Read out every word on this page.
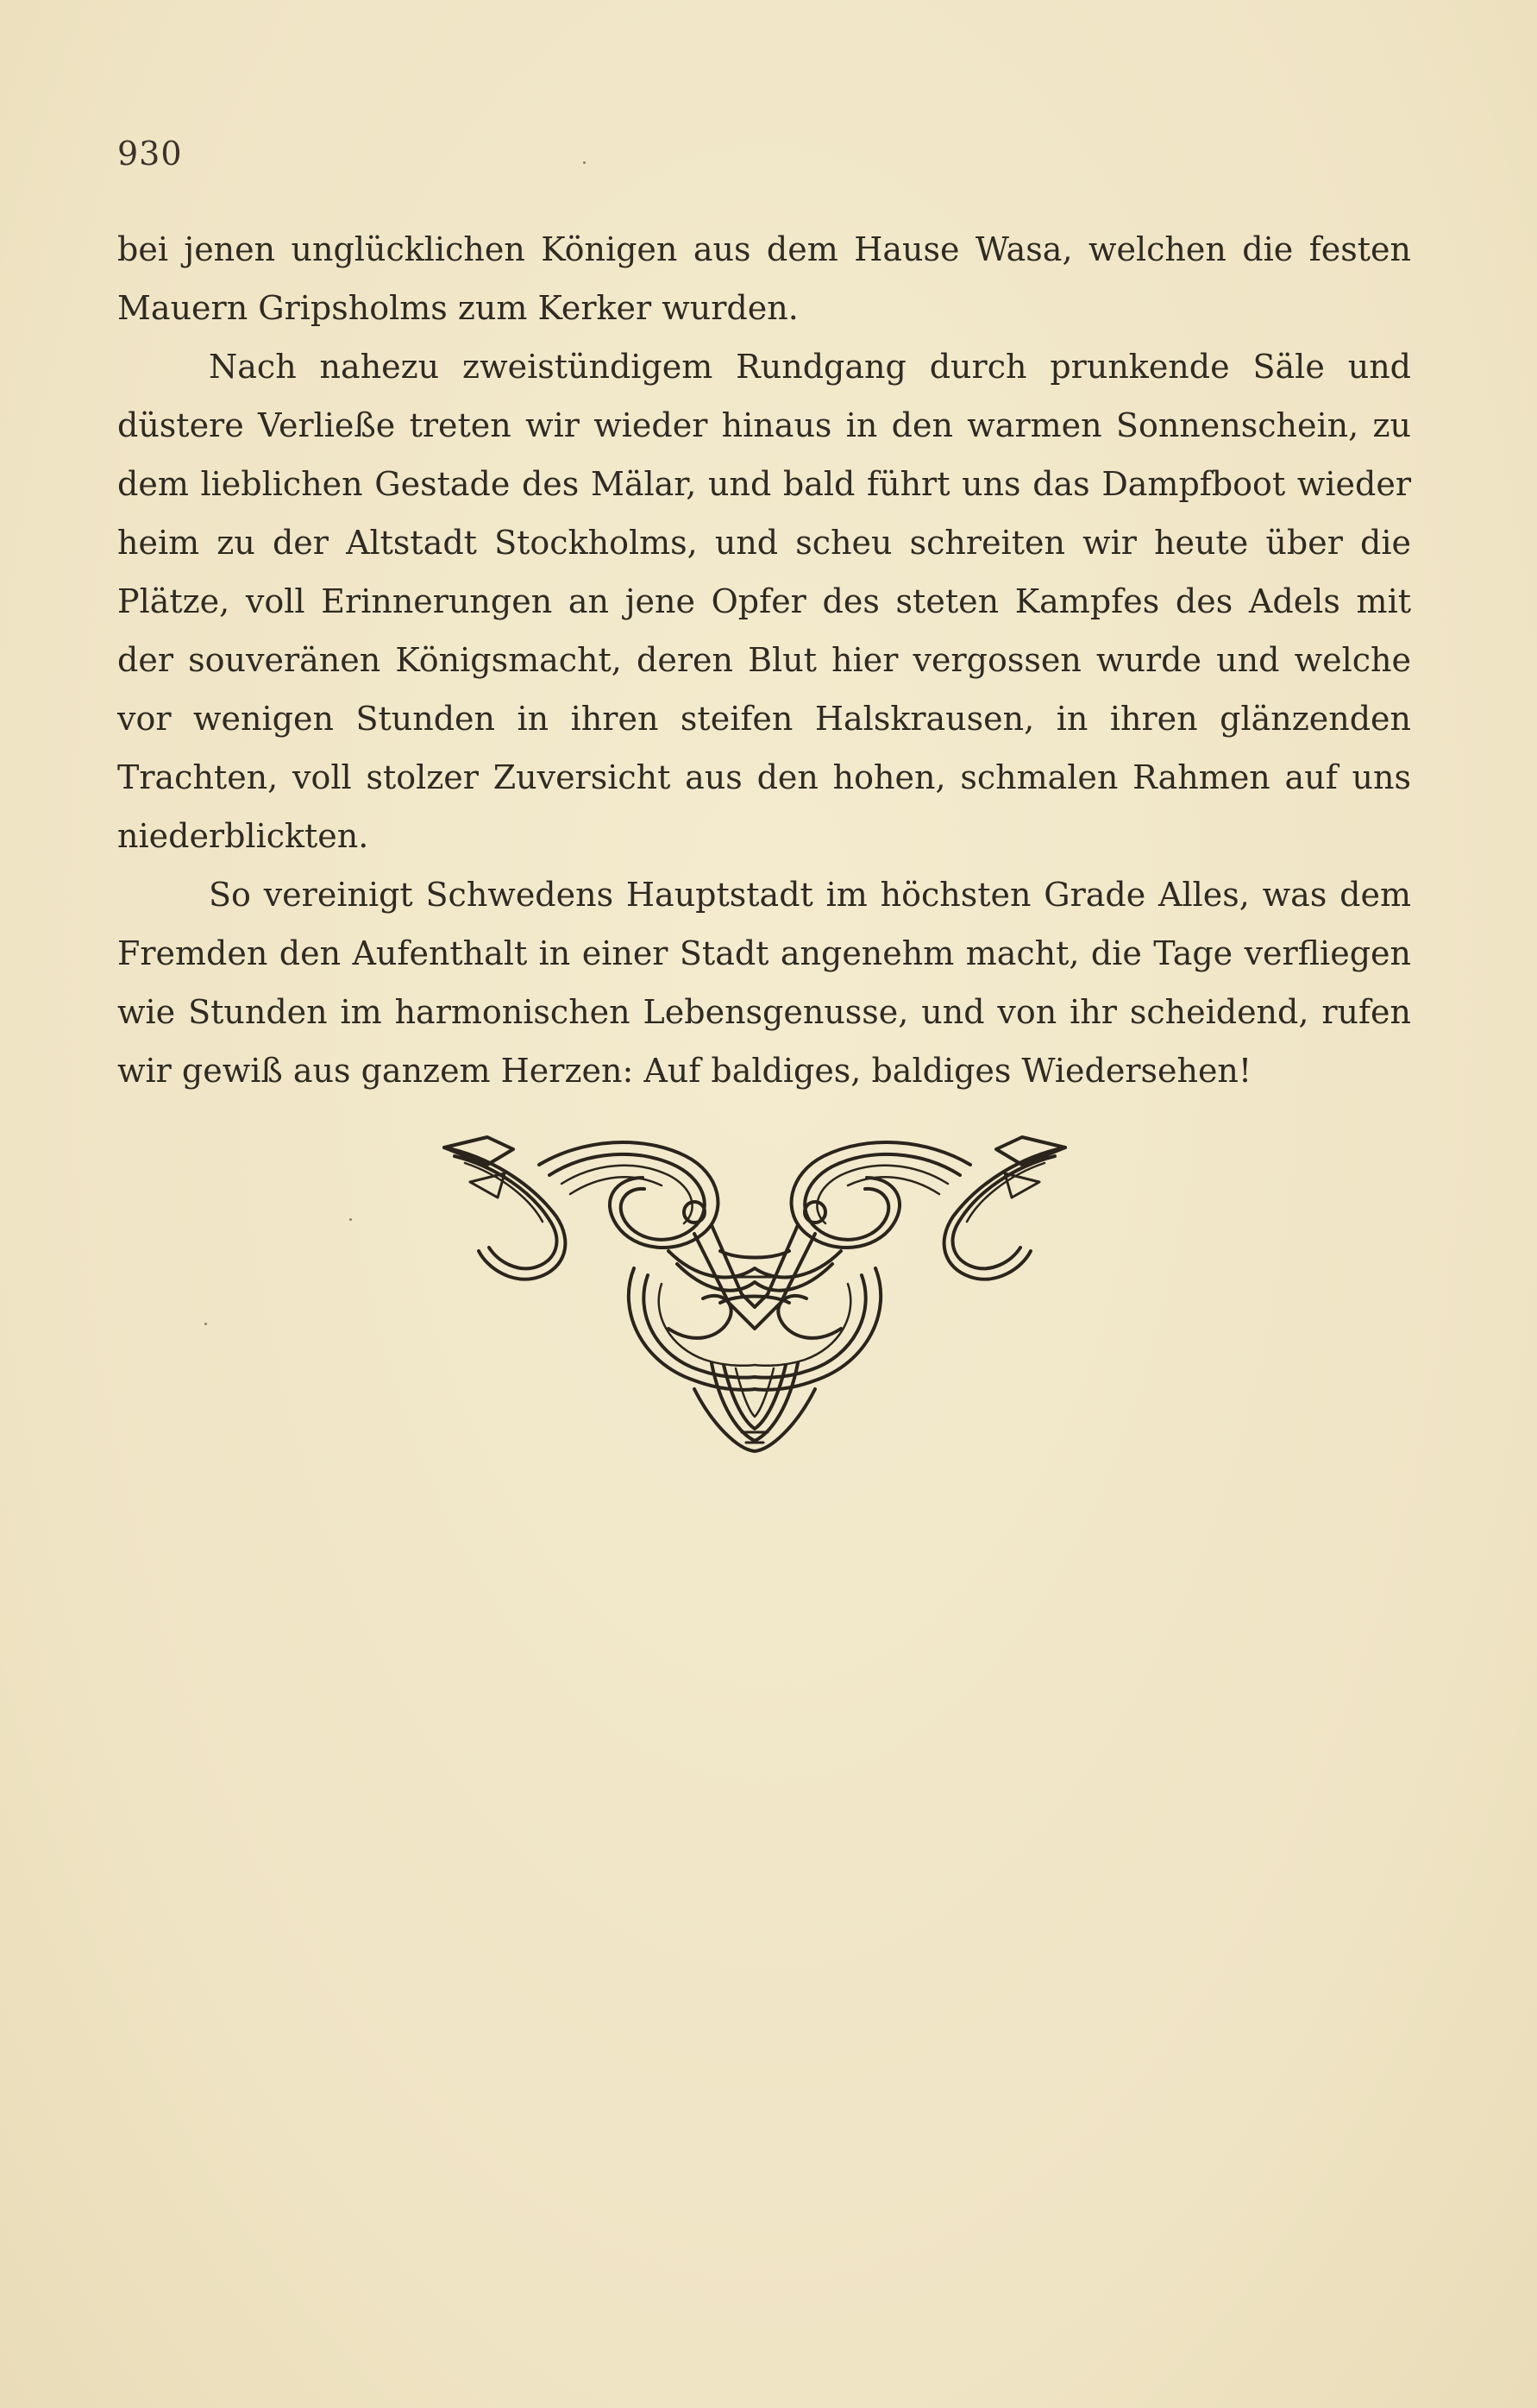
930

bei jenen unglücklichen Königen aus dem Hause Wasa, welchen die festen Mauern Gripsholms zum Kerker wurden.

Nach nahezu zweistündigem Rundgang durch prunkende Säle und düstere Verließe treten wir wieder hinaus in den warmen Sonnenschein, zu dem lieblichen Gestade des Mälar, und bald führt uns das Dampfboot wieder heim zu der Altstadt Stockholms, und scheu schreiten wir heute über die Plätze, voll Erinnerungen an jene Opfer des steten Kampfes des Adels mit der souveränen Königsmacht, deren Blut hier vergossen wurde und welche vor wenigen Stunden in ihren steifen Halskrausen, in ihren glänzenden Trachten, voll stolzer Zuversicht aus den hohen, schmalen Rahmen auf uns niederblickten.

So vereinigt Schwedens Hauptstadt im höchsten Grade Alles, was dem Fremden den Aufenthalt in einer Stadt angenehm macht, die Tage verfliegen wie Stunden im harmonischen Lebensgenusse, und von ihr scheidend, rufen wir gewiß aus ganzem Herzen: Auf baldiges, baldiges Wiedersehen!
